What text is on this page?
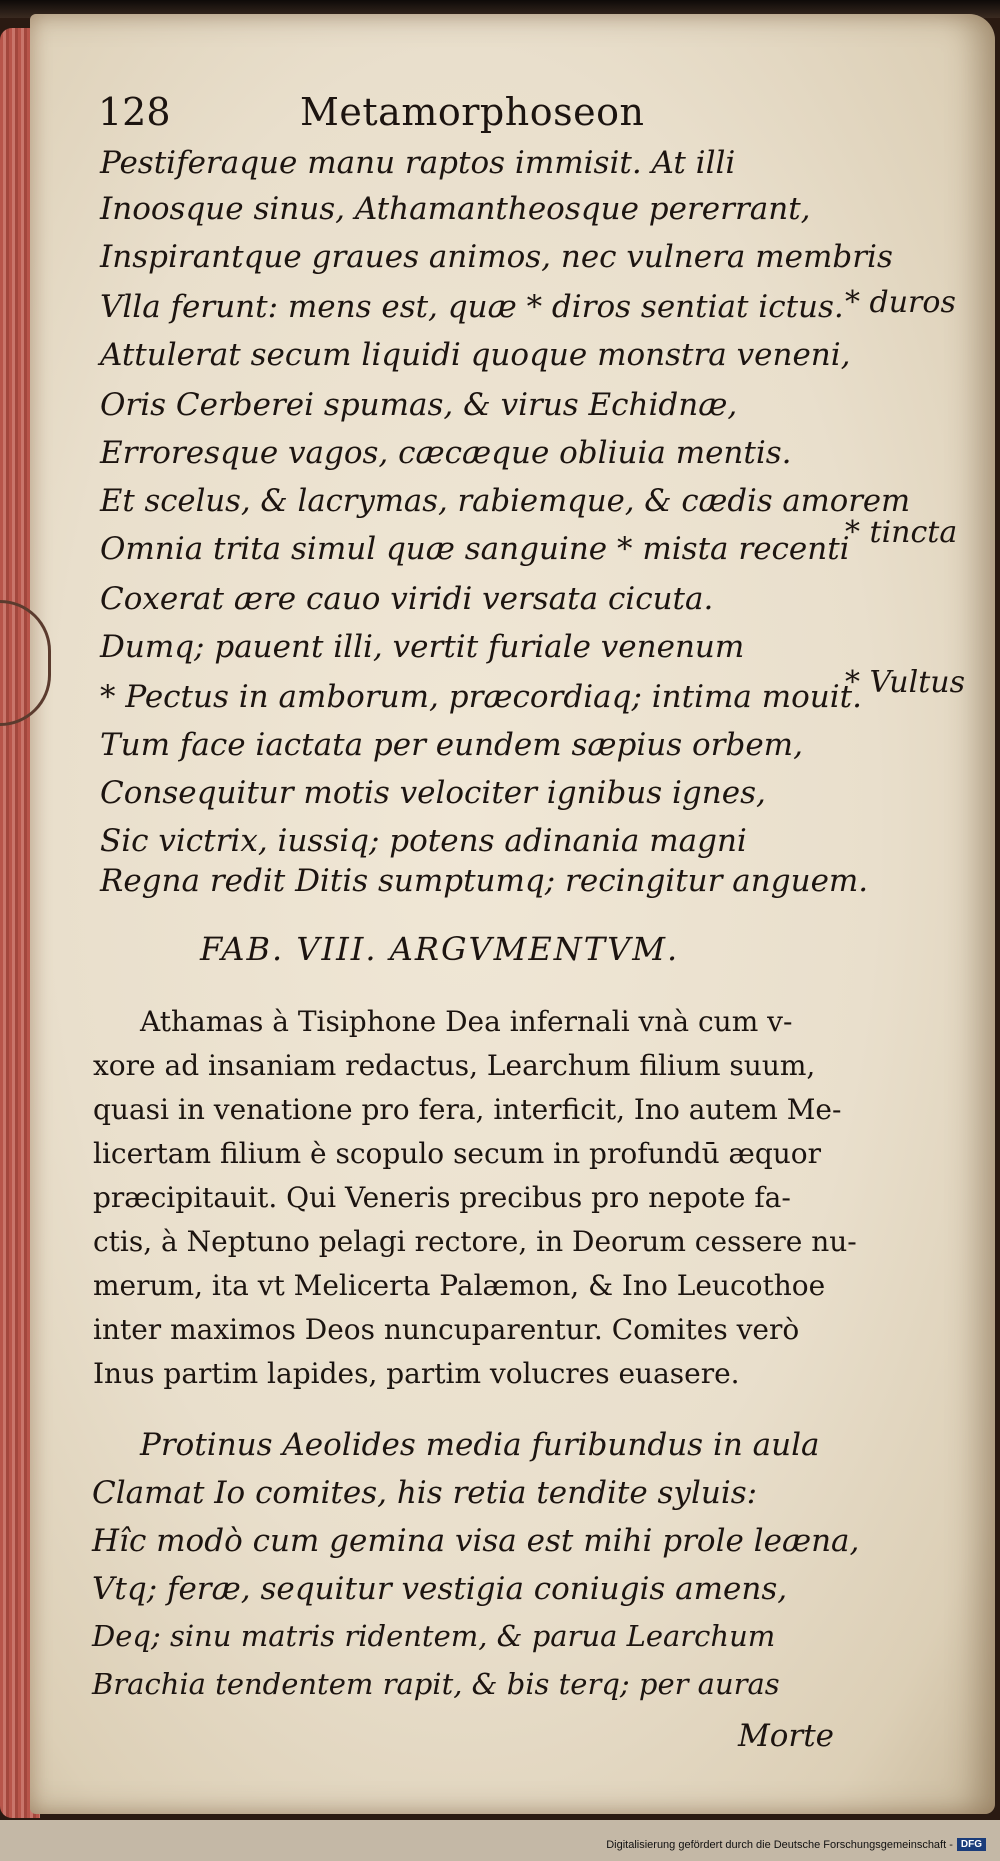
128	Metamorphoseon
Pestiferaque manu raptos immisit. At illi
Inoosque sinus, Athamantheosque pererrant,
Inspirantque graues animos, nec vulnera membris
Vlla ferunt: mens est, quæ * diros sentiat ictus.
Attulerat secum liquidi quoque monstra veneni,
Oris Cerberei spumas, & virus Echidnæ,
Erroresque vagos, cæcæque obliuia mentis.
Et scelus, & lacrymas, rabiemque, & cædis amorem
Omnia trita simul quæ sanguine * mista recenti
Coxerat ære cauo viridi versata cicuta.
Dumq; pauent illi, vertit furiale venenum
* Pectus in amborum, præcordiaq; intima mouit.
Tum face iactata per eundem sæpius orbem,
Consequitur motis velociter ignibus ignes,
Sic victrix, iussiq; potens adinania magni
Regna redit Ditis sumptumq; recingitur anguem.
* duros
* tincta
* Vultus
FAB. VIII. ARGVMENTVM.
Athamas à Tisiphone Dea infernali vnà cum v-
xore ad insaniam redactus, Learchum filium suum,
quasi in venatione pro fera, interficit, Ino autem Me-
licertam filium è scopulo secum in profundū æquor
præcipitauit. Qui Veneris precibus pro nepote fa-
ctis, à Neptuno pelagi rectore, in Deorum cessere nu-
merum, ita vt Melicerta Palæmon, & Ino Leucothoe
inter maximos Deos nuncuparentur. Comites verò
Inus partim lapides, partim volucres euasere.
Protinus Aeolides media furibundus in aula
Clamat Io comites, his retia tendite syluis:
Hîc modò cum gemina visa est mihi prole leæna,
Vtq; feræ, sequitur vestigia coniugis amens,
Deq; sinu matris ridentem, & parua Learchum
Morte
Brachia tendentem rapit, & bis terq; per auras
Digitalisierung gefördert durch die Deutsche Forschungsgemeinschaft - DFG
